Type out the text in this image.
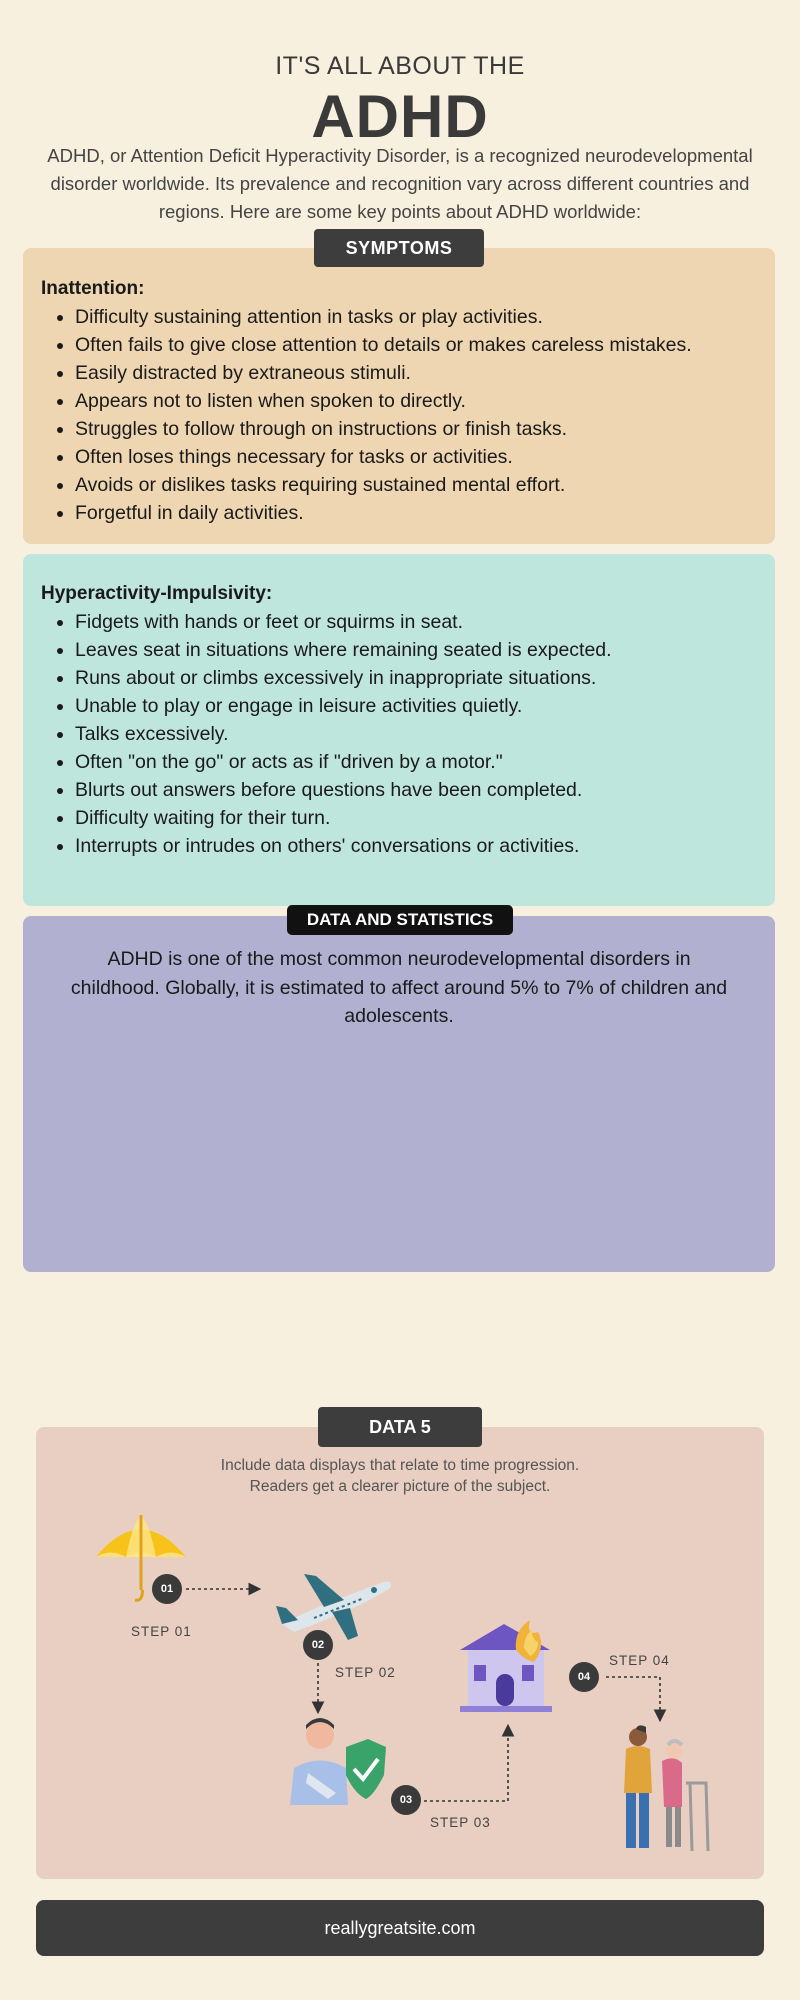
IT'S ALL ABOUT THE
ADHD
ADHD, or Attention Deficit Hyperactivity Disorder, is a recognized neurodevelopmental disorder worldwide. Its prevalence and recognition vary across different countries and regions. Here are some key points about ADHD worldwide:
Inattention:
• Difficulty sustaining attention in tasks or play activities.
• Often fails to give close attention to details or makes careless mistakes.
• Easily distracted by extraneous stimuli.
• Appears not to listen when spoken to directly.
• Struggles to follow through on instructions or finish tasks.
• Often loses things necessary for tasks or activities.
• Avoids or dislikes tasks requiring sustained mental effort.
• Forgetful in daily activities.
SYMPTOMS
Hyperactivity-Impulsivity:
• Fidgets with hands or feet or squirms in seat.
• Leaves seat in situations where remaining seated is expected.
• Runs about or climbs excessively in inappropriate situations.
• Unable to play or engage in leisure activities quietly.
• Talks excessively.
• Often "on the go" or acts as if "driven by a motor."
• Blurts out answers before questions have been completed.
• Difficulty waiting for their turn.
• Interrupts or intrudes on others' conversations or activities.
ADHD is one of the most common neurodevelopmental disorders in childhood. Globally, it is estimated to affect around 5% to 7% of children and adolescents.
DATA AND STATISTICS
Include data displays that relate to time progression.
Readers get a clearer picture of the subject.
01
STEP 01
02
STEP 02
03
STEP 03
04
STEP 04
DATA 5
reallygreatsite.com
